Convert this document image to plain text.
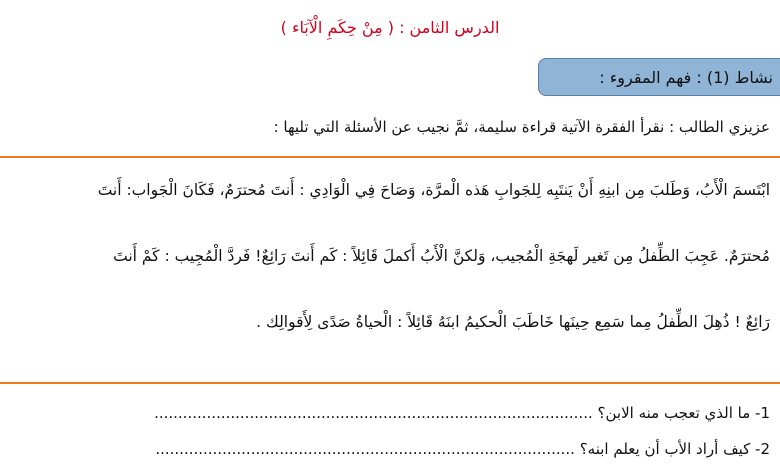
الدرس الثامن : ( مِنْ حِكَمِ الْآبَاء )
نشاط (1) : فهم المقروء :
عزيزي الطالب : نقرأ الفقرة الآتية قراءة سليمة، ثمَّ نجيب عن الأسئلة التي تليها :
ابْتَسمَ الْأَبُ، وَطَلبَ مِن ابنِهِ أَنْ يَنتَبِه لِلجَوابِ هَذه الْمرَّة، وَصَاحَ فِي الْوَادِي : أَنتَ مُحترَمٌ، فَكَانَ الْجَواب: أَنتَ
مُحترَمٌ. عَجِبَ الطِّفلُ مِن تَغير لَهجَةِ الْمُجيب، وَلكنَّ الْأَبُ أَكملَ قَائِلاً : كَم أَنتَ رَائِعٌ! فَردَّ الْمُجِيب : كَمْ أَنتَ
رَائِعٌ ! ذُهِلَ الطِّفلُ مِما سَمِع حِينَها خَاطَبَ الْحكيمُ ابنَهُ قَائِلاً : الْحياةُ صَدًى لِأَقوالِك .
1- ما الذي تعجب منه الابن؟ ............................................................................................
2- كيف أراد الأب أن يعلم ابنه؟ ........................................................................................
